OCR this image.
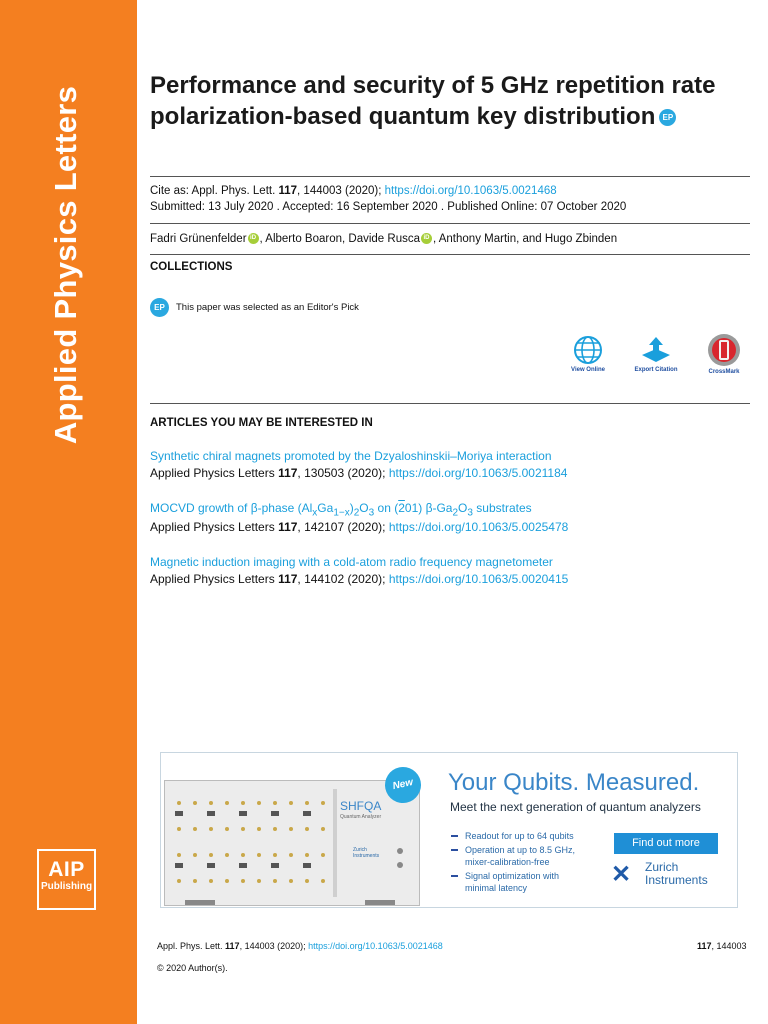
Applied Physics Letters
AIP
Publishing
Performance and security of 5 GHz repetition rate polarization-based quantum key distribution EP
Cite as: Appl. Phys. Lett. 117, 144003 (2020); https://doi.org/10.1063/5.0021468
Submitted: 13 July 2020 . Accepted: 16 September 2020 . Published Online: 07 October 2020
Fadri Grünenfelder iD , Alberto Boaron, Davide Rusca iD , Anthony Martin, and Hugo Zbinden
COLLECTIONS
EP	This paper was selected as an Editor's Pick
View Online	Export Citation	CrossMark
ARTICLES YOU MAY BE INTERESTED IN
Synthetic chiral magnets promoted by the Dzyaloshinskii–Moriya interaction
Applied Physics Letters 117, 130503 (2020); https://doi.org/10.1063/5.0021184
MOCVD growth of β-phase $(Al_xGa_{1-x})_2O_3$ on (201) $\beta-Ga_2O_3$ substrates
Applied Physics Letters 117, 142107 (2020); https://doi.org/10.1063/5.0025478
Magnetic induction imaging with a cold-atom radio frequency magnetometer
Applied Physics Letters 117, 144102 (2020); https://doi.org/10.1063/5.0020415
SHFQA
Quantum Analyzer
Zurich Instruments
New	Your Qubits. Measured.
Meet the next generation of quantum analyzers
Readout for up to 64 qubits
Operation at up to 8.5 GHz, mixer-calibration-free
Signal optimization with minimal latency
Find out more
✕ Zurich
Instruments
Appl. Phys. Lett. 117, 144003 (2020); https://doi.org/10.1063/5.0021468	117, 144003
© 2020 Author(s).
